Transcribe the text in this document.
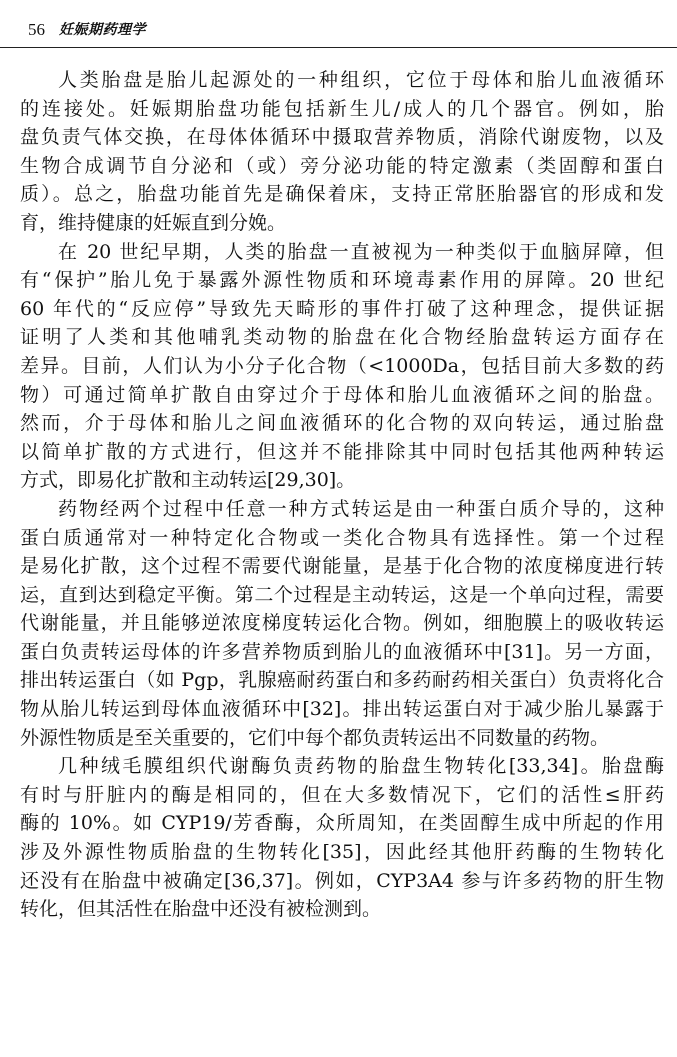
56 妊娠期药理学
人类胎盘是胎儿起源处的一种组织，它位于母体和胎儿血液循环
的连接处。妊娠期胎盘功能包括新生儿/成人的几个器官。例如，胎
盘负责气体交换，在母体体循环中摄取营养物质，消除代谢废物，以及
生物合成调节自分泌和（或）旁分泌功能的特定激素（类固醇和蛋白
质）。总之，胎盘功能首先是确保着床，支持正常胚胎器官的形成和发
育，维持健康的妊娠直到分娩。
在 20 世纪早期，人类的胎盘一直被视为一种类似于血脑屏障，但
有“保护”胎儿免于暴露外源性物质和环境毒素作用的屏障。20 世纪
60 年代的“反应停”导致先天畸形的事件打破了这种理念，提供证据
证明了人类和其他哺乳类动物的胎盘在化合物经胎盘转运方面存在
差异。目前，人们认为小分子化合物（<1000Da，包括目前大多数的药
物）可通过简单扩散自由穿过介于母体和胎儿血液循环之间的胎盘。
然而，介于母体和胎儿之间血液循环的化合物的双向转运，通过胎盘
以简单扩散的方式进行，但这并不能排除其中同时包括其他两种转运
方式，即易化扩散和主动转运[29,30]。
药物经两个过程中任意一种方式转运是由一种蛋白质介导的，这种
蛋白质通常对一种特定化合物或一类化合物具有选择性。第一个过程
是易化扩散，这个过程不需要代谢能量，是基于化合物的浓度梯度进行转
运，直到达到稳定平衡。第二个过程是主动转运，这是一个单向过程，需要
代谢能量，并且能够逆浓度梯度转运化合物。例如，细胞膜上的吸收转运
蛋白负责转运母体的许多营养物质到胎儿的血液循环中[31]。另一方面，
排出转运蛋白（如 Pgp，乳腺癌耐药蛋白和多药耐药相关蛋白）负责将化合
物从胎儿转运到母体血液循环中[32]。排出转运蛋白对于减少胎儿暴露于
外源性物质是至关重要的，它们中每个都负责转运出不同数量的药物。
几种绒毛膜组织代谢酶负责药物的胎盘生物转化[33,34]。胎盘酶
有时与肝脏内的酶是相同的，但在大多数情况下，它们的活性≤肝药
酶的 10%。如 CYP19/芳香酶，众所周知，在类固醇生成中所起的作用
涉及外源性物质胎盘的生物转化[35]，因此经其他肝药酶的生物转化
还没有在胎盘中被确定[36,37]。例如，CYP3A4 参与许多药物的肝生物
转化，但其活性在胎盘中还没有被检测到。
